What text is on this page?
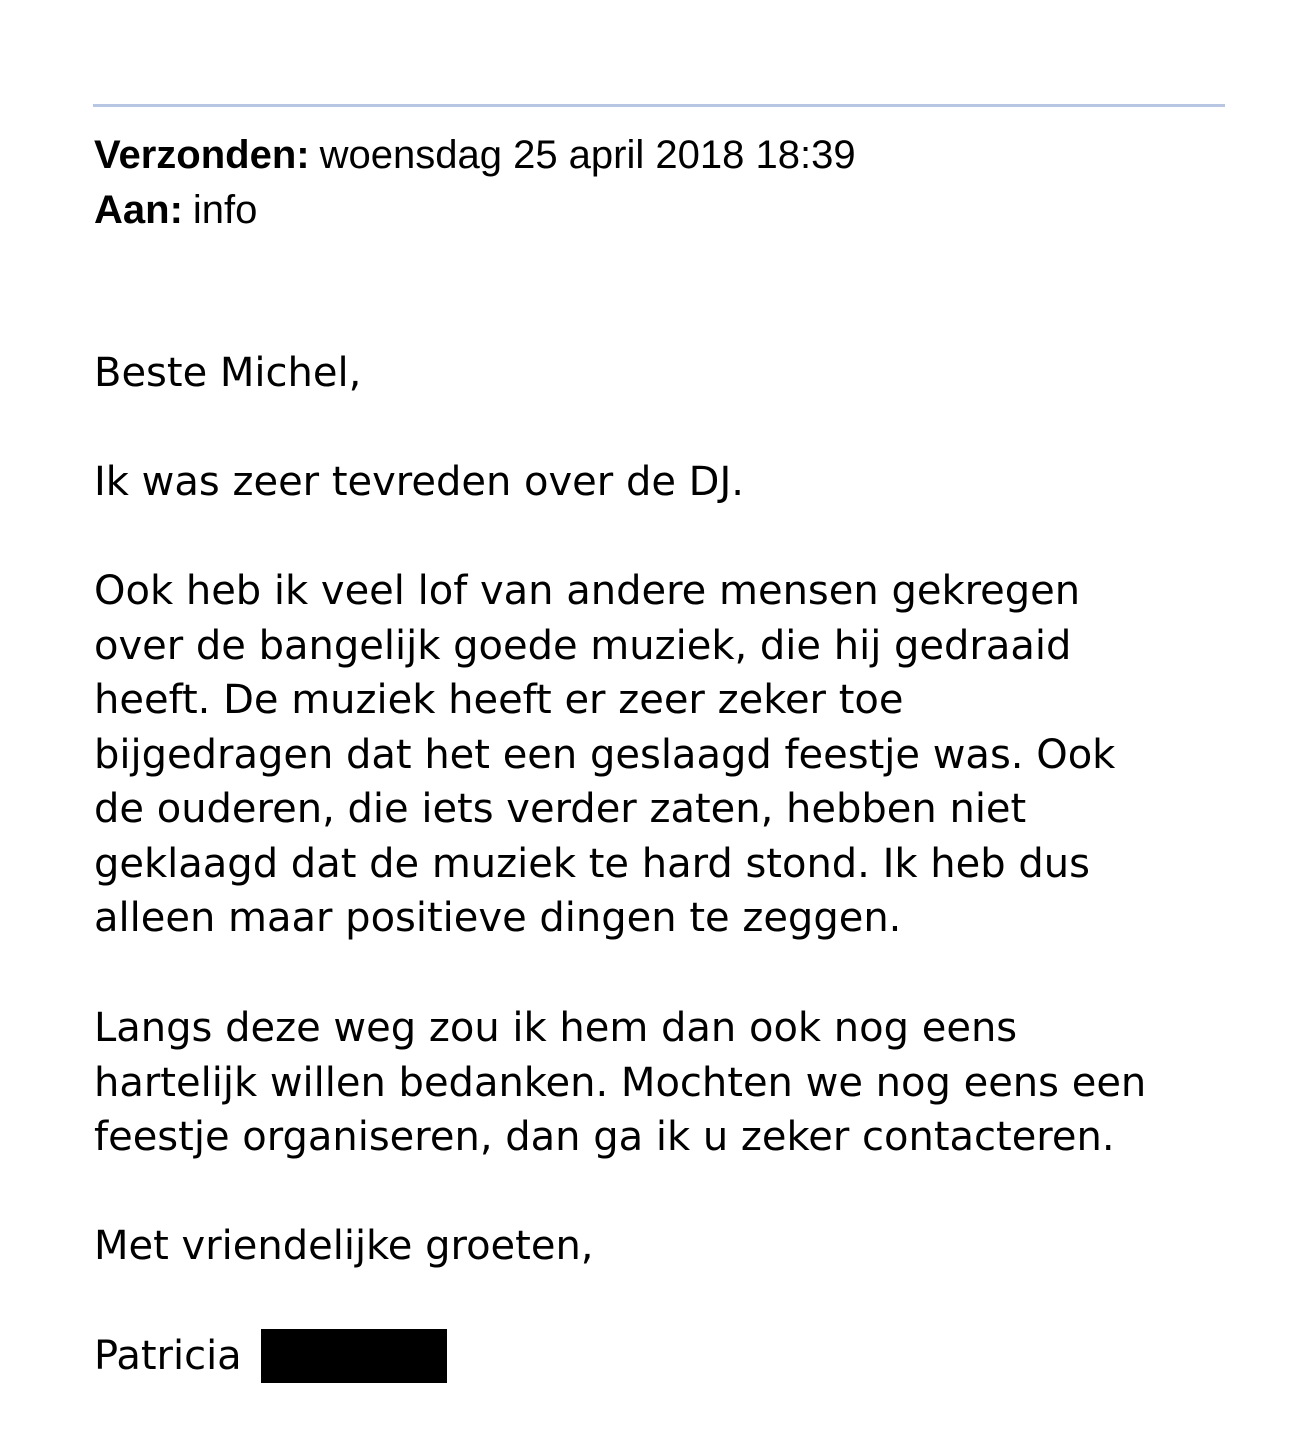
Verzonden: woensdag 25 april 2018 18:39
Aan: info
Beste Michel,
Ik was zeer tevreden over de DJ.
Ook heb ik veel lof van andere mensen gekregen
over de bangelijk goede muziek, die hij gedraaid
heeft. De muziek heeft er zeer zeker toe
bijgedragen dat het een geslaagd feestje was. Ook
de ouderen, die iets verder zaten, hebben niet
geklaagd dat de muziek te hard stond. Ik heb dus
alleen maar positieve dingen te zeggen.
Langs deze weg zou ik hem dan ook nog eens
hartelijk willen bedanken. Mochten we nog eens een
feestje organiseren, dan ga ik u zeker contacteren.
Met vriendelijke groeten,
Patricia
